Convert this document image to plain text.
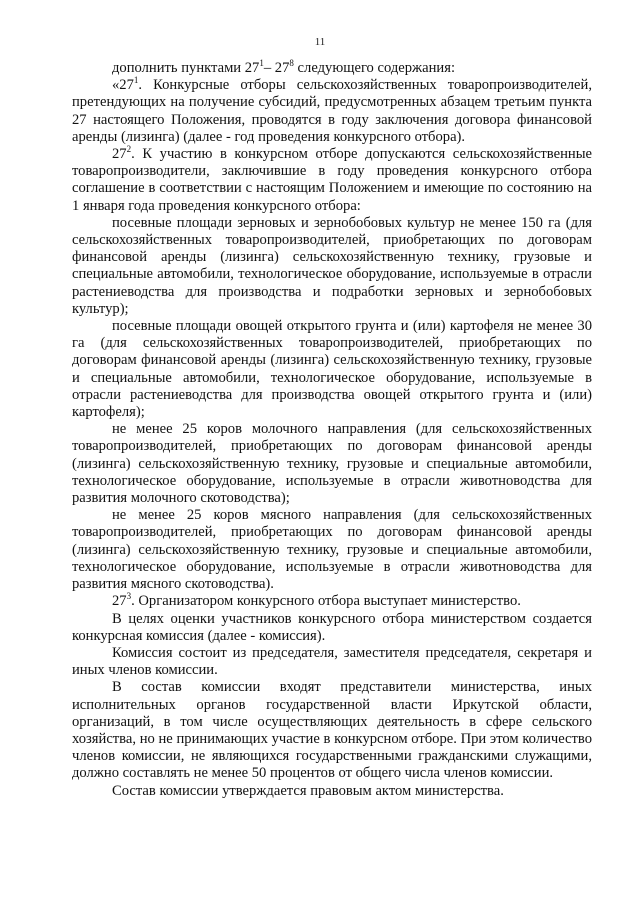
11

дополнить пунктами $27^1-$ $27^8$ следующего содержания:

«$27^1$. Конкурсные отборы сельскохозяйственных товаропроизводителей, претендующих на получение субсидий, предусмотренных абзацем третьим пункта 27 настоящего Положения, проводятся в году заключения договора финансовой аренды (лизинга) (далее - год проведения конкурсного отбора).

$27^2$. К участию в конкурсном отборе допускаются сельскохозяйственные товаропроизводители, заключившие в году проведения конкурсного отбора соглашение в соответствии с настоящим Положением и имеющие по состоянию на 1 января года проведения конкурсного отбора:

посевные площади зерновых и зернобобовых культур не менее 150 га (для сельскохозяйственных товаропроизводителей, приобретающих по договорам финансовой аренды (лизинга) сельскохозяйственную технику, грузовые и специальные автомобили, технологическое оборудование, используемые в отрасли растениеводства для производства и подработки зерновых и зернобобовых культур);

посевные площади овощей открытого грунта и (или) картофеля не менее 30 га (для сельскохозяйственных товаропроизводителей, приобретающих по договорам финансовой аренды (лизинга) сельскохозяйственную технику, грузовые и специальные автомобили, технологическое оборудование, используемые в отрасли растениеводства для производства овощей открытого грунта и (или) картофеля);

не менее 25 коров молочного направления (для сельскохозяйственных товаропроизводителей, приобретающих по договорам финансовой аренды (лизинга) сельскохозяйственную технику, грузовые и специальные автомобили, технологическое оборудование, используемые в отрасли животноводства для развития молочного скотоводства);

не менее 25 коров мясного направления (для сельскохозяйственных товаропроизводителей, приобретающих по договорам финансовой аренды (лизинга) сельскохозяйственную технику, грузовые и специальные автомобили, технологическое оборудование, используемые в отрасли животноводства для развития мясного скотоводства).

$27^3$. Организатором конкурсного отбора выступает министерство.

В целях оценки участников конкурсного отбора министерством создается конкурсная комиссия (далее - комиссия).

Комиссия состоит из председателя, заместителя председателя, секретаря и иных членов комиссии.

В состав комиссии входят представители министерства, иных исполнительных органов государственной власти Иркутской области, организаций, в том числе осуществляющих деятельность в сфере сельского хозяйства, но не принимающих участие в конкурсном отборе. При этом количество членов комиссии, не являющихся государственными гражданскими служащими, должно составлять не менее 50 процентов от общего числа членов комиссии.

Состав комиссии утверждается правовым актом министерства.
